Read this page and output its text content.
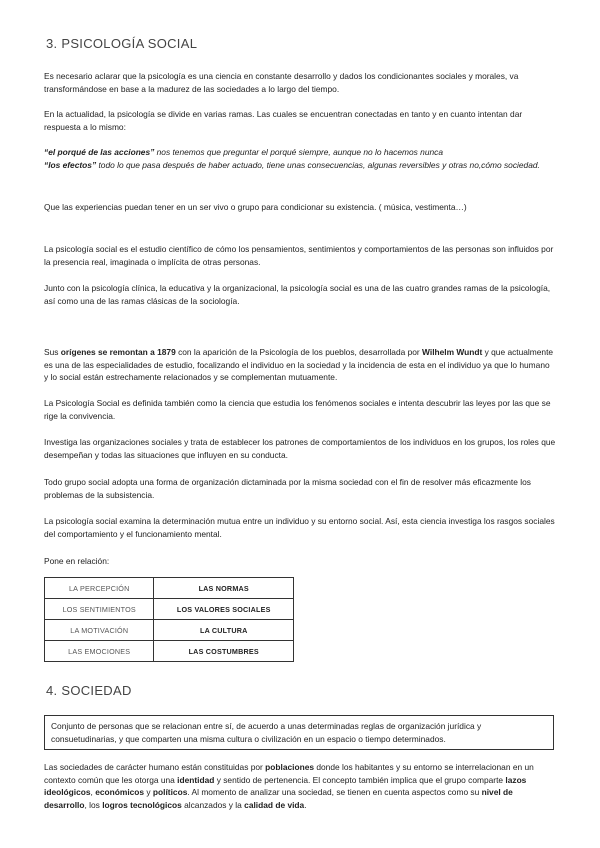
3. PSICOLOGÍA SOCIAL

Es necesario aclarar que la psicología es una ciencia en constante desarrollo y dados los condicionantes sociales y morales, va transformándose en base a la madurez de las sociedades a lo largo del tiempo.

En la actualidad, la psicología se divide en varias ramas. Las cuales se encuentran conectadas en tanto y en cuanto intentan dar respuesta a lo mismo:

“el porqué de las acciones” nos tenemos que preguntar el porqué siempre, aunque no lo hacemos nunca
“los efectos” todo lo que pasa después de haber actuado, tiene unas consecuencias, algunas reversibles y otras no,cómo sociedad.

Que las experiencias puedan tener en un ser vivo o grupo para condicionar su existencia. ( música, vestimenta…)

La psicología social es el estudio científico de cómo los pensamientos, sentimientos y comportamientos de las personas son influidos por la presencia real, imaginada o implícita de otras personas.

Junto con la psicología clínica, la educativa y la organizacional, la psicología social es una de las cuatro grandes ramas de la psicología, así como una de las ramas clásicas de la sociología.

Sus orígenes se remontan a 1879 con la aparición de la Psicología de los pueblos, desarrollada por Wilhelm Wundt y que actualmente es una de las especialidades de estudio, focalizando el individuo en la sociedad y la incidencia de esta en el individuo ya que lo humano y lo social están estrechamente relacionados y se complementan mutuamente.

La Psicología Social es definida también como la ciencia que estudia los fenómenos sociales e intenta descubrir las leyes por las que se rige la convivencia.

Investiga las organizaciones sociales y trata de establecer los patrones de comportamientos de los individuos en los grupos, los roles que desempeñan y todas las situaciones que influyen en su conducta.

Todo grupo social adopta una forma de organización dictaminada por la misma sociedad con el fin de resolver más eficazmente los problemas de la subsistencia.

La psicología social examina la determinación mutua entre un individuo y su entorno social. Así, esta ciencia investiga los rasgos sociales del comportamiento y el funcionamiento mental.

Pone en relación:

LA PERCEPCIÓN	LAS NORMAS
LOS SENTIMIENTOS	LOS VALORES SOCIALES
LA MOTIVACIÓN	LA CULTURA
LAS EMOCIONES	LAS COSTUMBRES
4. SOCIEDAD
Conjunto de personas que se relacionan entre sí, de acuerdo a unas determinadas reglas de organización jurídica y consuetudinarias, y que comparten una misma cultura o civilización en un espacio o tiempo determinados.

Las sociedades de carácter humano están constituidas por poblaciones donde los habitantes y su entorno se interrelacionan en un contexto común que les otorga una identidad y sentido de pertenencia. El concepto también implica que el grupo comparte lazos ideológicos, económicos y políticos. Al momento de analizar una sociedad, se tienen en cuenta aspectos como su nivel de desarrollo, los logros tecnológicos alcanzados y la calidad de vida.
